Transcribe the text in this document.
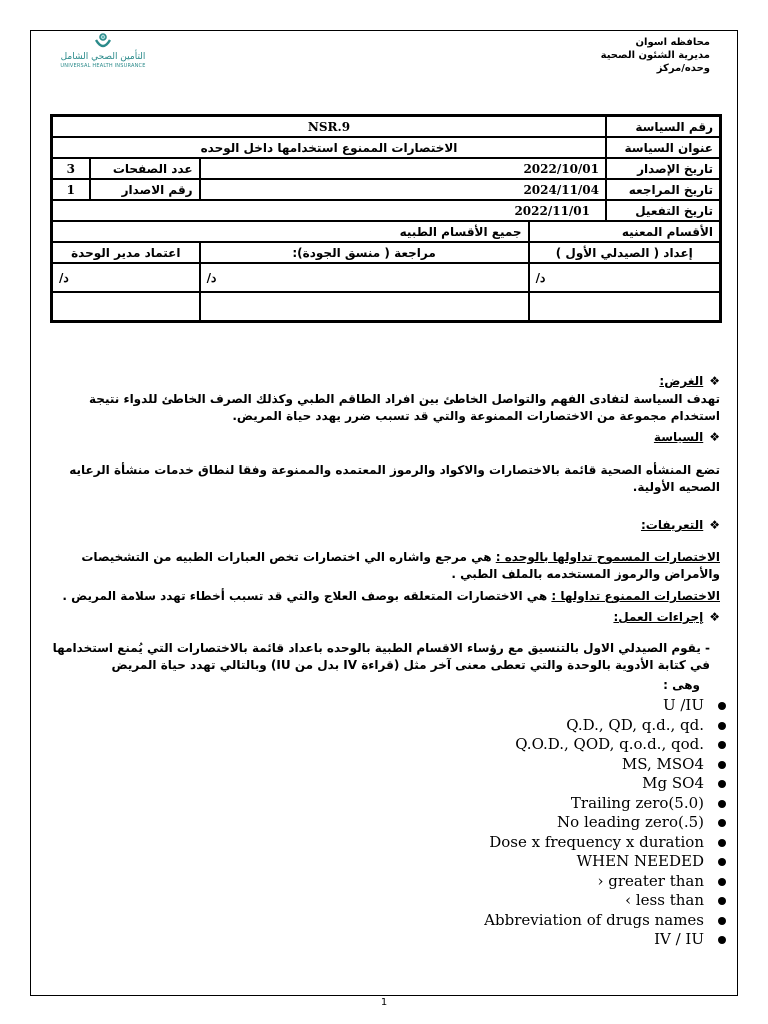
التأمين الصحي الشامل
UNIVERSAL HEALTH INSURANCE
محافظه اسوان
مديرية الشئون الصحية
وحده/مركز
رقم السياسة	NSR.9			
عنوان السياسة	الاختصارات الممنوع استخدامها داخل الوحده			
تاريخ الإصدار	2022/10/01		عدد الصفحات	3
تاريخ المراجعه	2024/11/04		رقم الاصدار	1
تاريخ التفعيل	2022/11/01			
الأقسام المعنيه		جميع الأقسام الطبيه		
إعداد ( الصيدلي الأول )		مراجعة ( منسق الجودة):	اعتماد مدير الوحدة	
د/		د/	د/	

❖الغرض:
تهدف السياسة لتفادى الفهم والتواصل الخاطئ بين افراد الطاقم الطبي وكذلك الصرف الخاطئ للدواء نتيجة استخدام مجموعة من الاختصارات الممنوعة والتي قد تسبب ضرر يهدد حياة المريض.
❖السياسة
تضع المنشأه الصحية قائمة بالاختصارات والاكواد والرموز المعتمده والممنوعة وفقا لنطاق خدمات منشأة الرعايه الصحيه الأولية.
❖التعريفات:
الاختصارات المسموح تداولها بالوحده : هي مرجع واشاره الي اختصارات تخص العبارات الطبيه من التشخيصات والأمراض والرموز المستخدمه بالملف الطبي .
الاختصارات الممنوع تداولها : هي الاختصارات المتعلقه بوصف العلاج والتي قد تسبب أخطاء تهدد سلامة المريض .
❖إجراءات العمل:
- يقوم الصيدلي الاول بالتنسيق مع رؤساء الاقسام الطبية بالوحده باعداد قائمة بالاختصارات التي يُمنع استخدامها في كتابة الأدوية بالوحدة والتي تعطى معنى آخر مثل (قراءة IV بدل من IU) وبالتالي تهدد حياة المريض
وهى :
U /IU
Q.D., QD, q.d., qd.
Q.O.D., QOD, q.o.d., qod.
MS, MSO4
Mg SO4
Trailing zero(5.0)
No leading zero(.5)
Dose x frequency x duration
WHEN NEEDED
› greater than
‹ less than
Abbreviation of drugs names
IV / IU
1
